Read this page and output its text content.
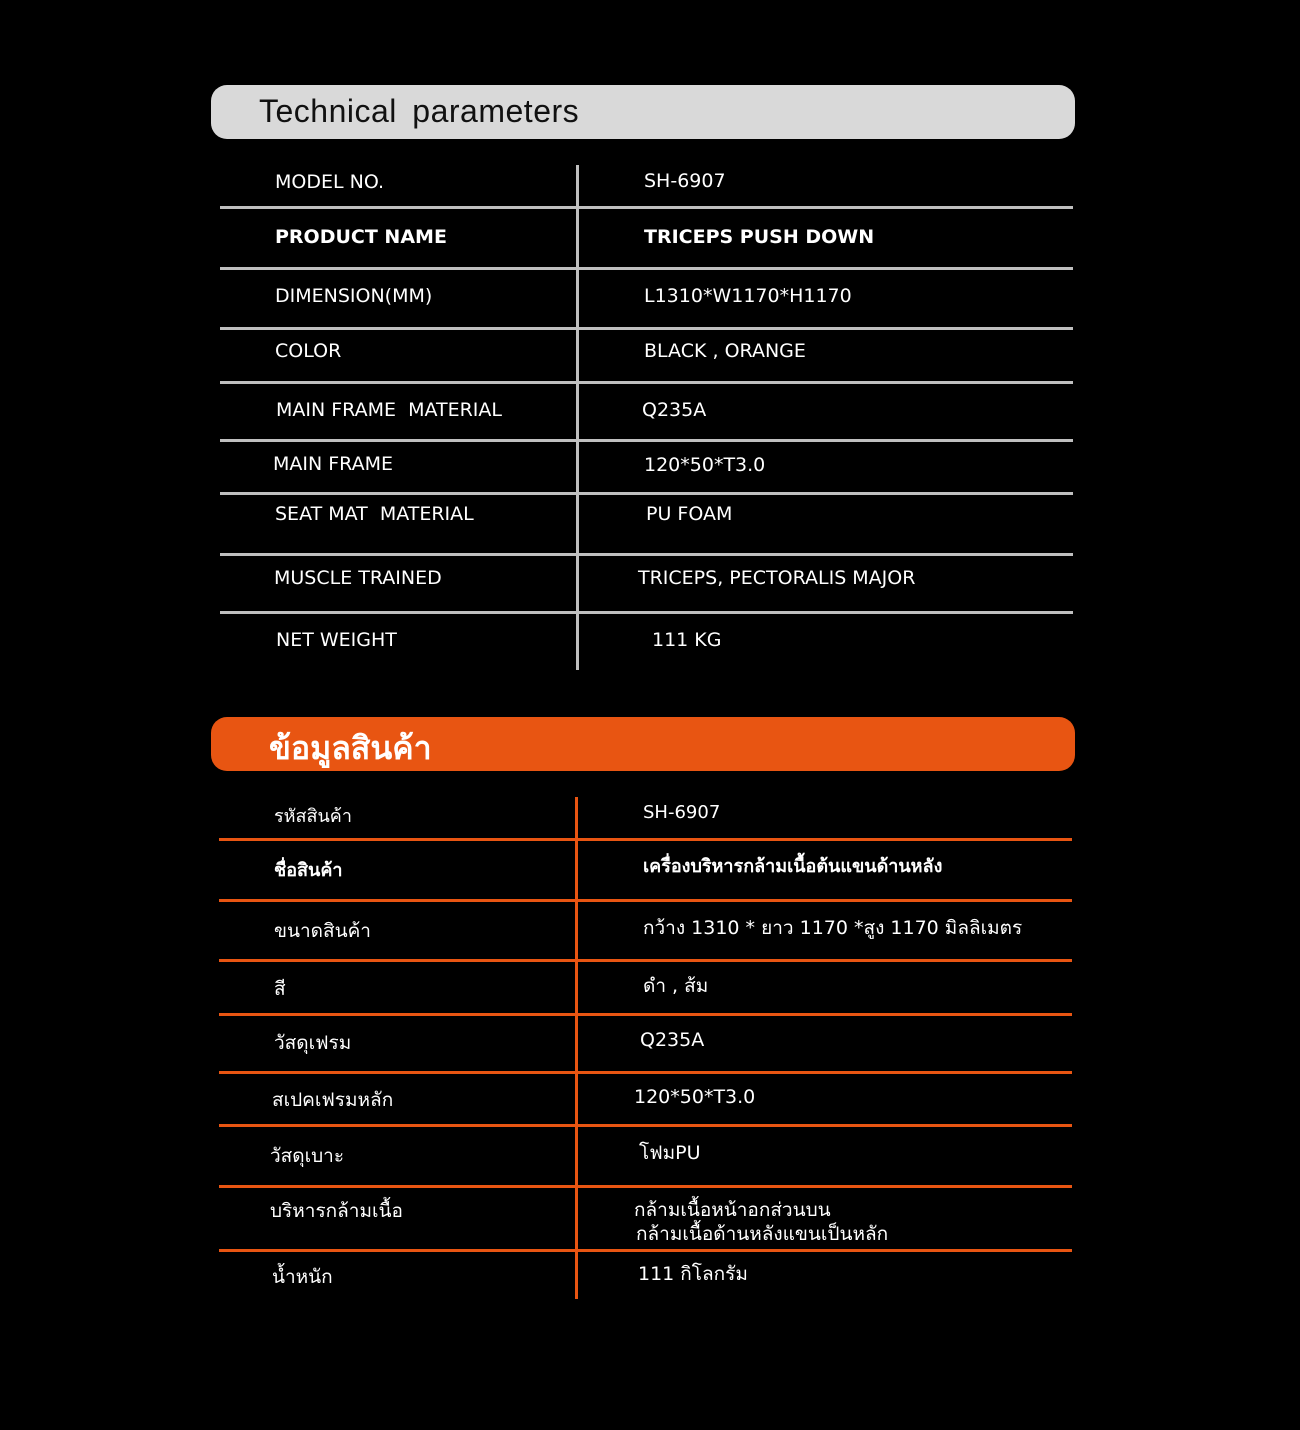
Technical parameters
MODEL NO.	SH-6907
PRODUCT NAME	TRICEPS PUSH DOWN
DIMENSION(MM)	L1310*W1170*H1170
COLOR	BLACK , ORANGE
MAIN FRAME  MATERIAL	Q235A
MAIN FRAME	120*50*T3.0
SEAT MAT  MATERIAL	PU FOAM
MUSCLE TRAINED	TRICEPS, PECTORALIS MAJOR
NET WEIGHT	111 KG
ข้อมูลสินค้า
รหัสสินค้า	SH-6907
ชื่อสินค้า	เครื่องบริหารกล้ามเนื้อต้นแขนด้านหลัง
ขนาดสินค้า	กว้าง 1310 * ยาว 1170 *สูง 1170 มิลลิเมตร
สี	ดำ , ส้ม
วัสดุเฟรม	Q235A
สเปคเฟรมหลัก	120*50*T3.0
วัสดุเบาะ	โฟมPU
บริหารกล้ามเนื้อ	กล้ามเนื้อหน้าอกส่วนบน
กล้ามเนื้อด้านหลังแขนเป็นหลัก
น้ำหนัก	111 กิโลกรัม
